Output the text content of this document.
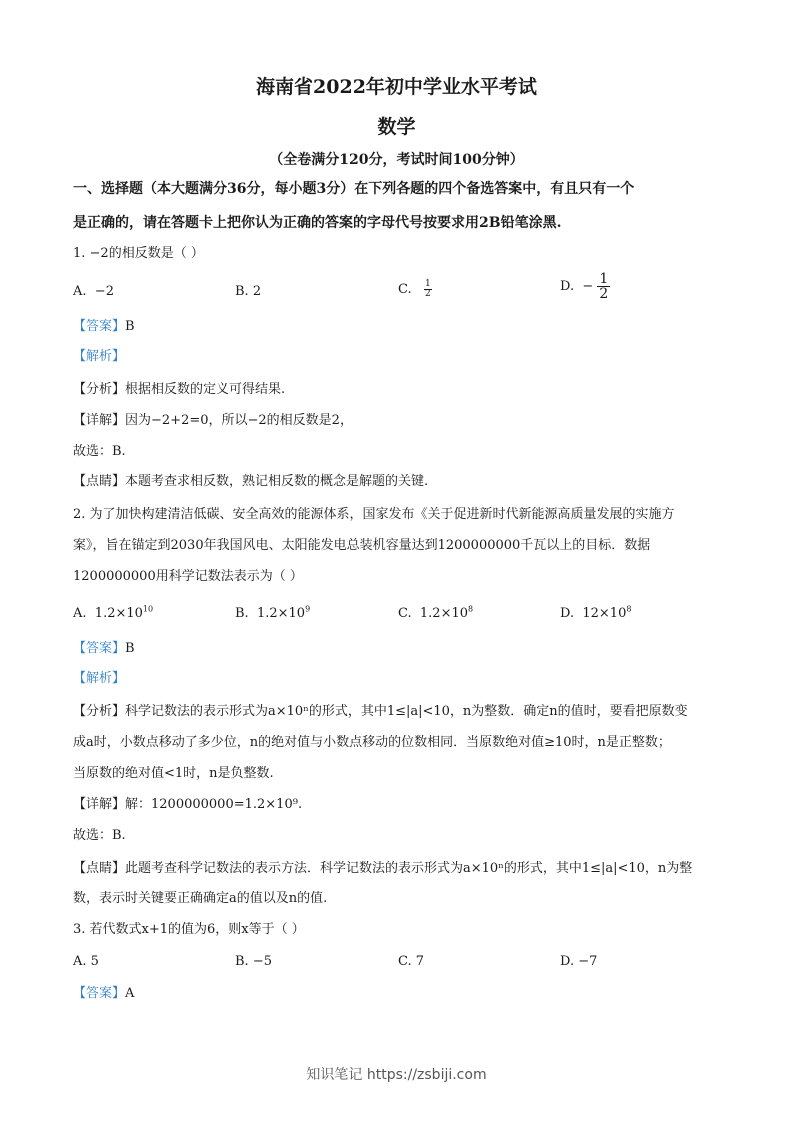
海南省2022年初中学业水平考试
数学
（全卷满分120分，考试时间100分钟）
一、选择题（本大题满分36分，每小题3分）在下列各题的四个备选答案中，有且只有一个
是正确的，请在答题卡上把你认为正确的答案的字母代号按要求用2B铅笔涂黑.
1. −2的相反数是（ ）
A. −2	B. 2	C. $\frac{1}{2}$	D. − $\frac{1}{2}$
【答案】B
【解析】
【分析】根据相反数的定义可得结果.
【详解】因为−2+2=0，所以−2的相反数是2，
故选：B.
【点睛】本题考查求相反数，熟记相反数的概念是解题的关键.
2. 为了加快构建清洁低碳、安全高效的能源体系，国家发布《关于促进新时代新能源高质量发展的实施方
案》，旨在锚定到2030年我国风电、太阳能发电总装机容量达到1200000000千瓦以上的目标．数据
1200000000用科学记数法表示为（ ）
A. $1.2\times 10^{10}$	B. $1.2\times 10^9$	C. $1.2\times 10^8$	D. $12\times 10^8$
【答案】B
【解析】
【分析】科学记数法的表示形式为a×10ⁿ的形式，其中1≤|a|<10，n为整数．确定n的值时，要看把原数变
成a时，小数点移动了多少位，n的绝对值与小数点移动的位数相同．当原数绝对值≥10时，n是正整数；
当原数的绝对值<1时，n是负整数.
【详解】解：1200000000=1.2×10⁹.
故选：B.
【点睛】此题考查科学记数法的表示方法．科学记数法的表示形式为a×10ⁿ的形式，其中1≤|a|<10，n为整
数，表示时关键要正确确定a的值以及n的值.
3. 若代数式x+1的值为6，则x等于（ ）
A. 5	B. −5	C. 7	D. −7
【答案】A
知识笔记 https://zsbiji.com
